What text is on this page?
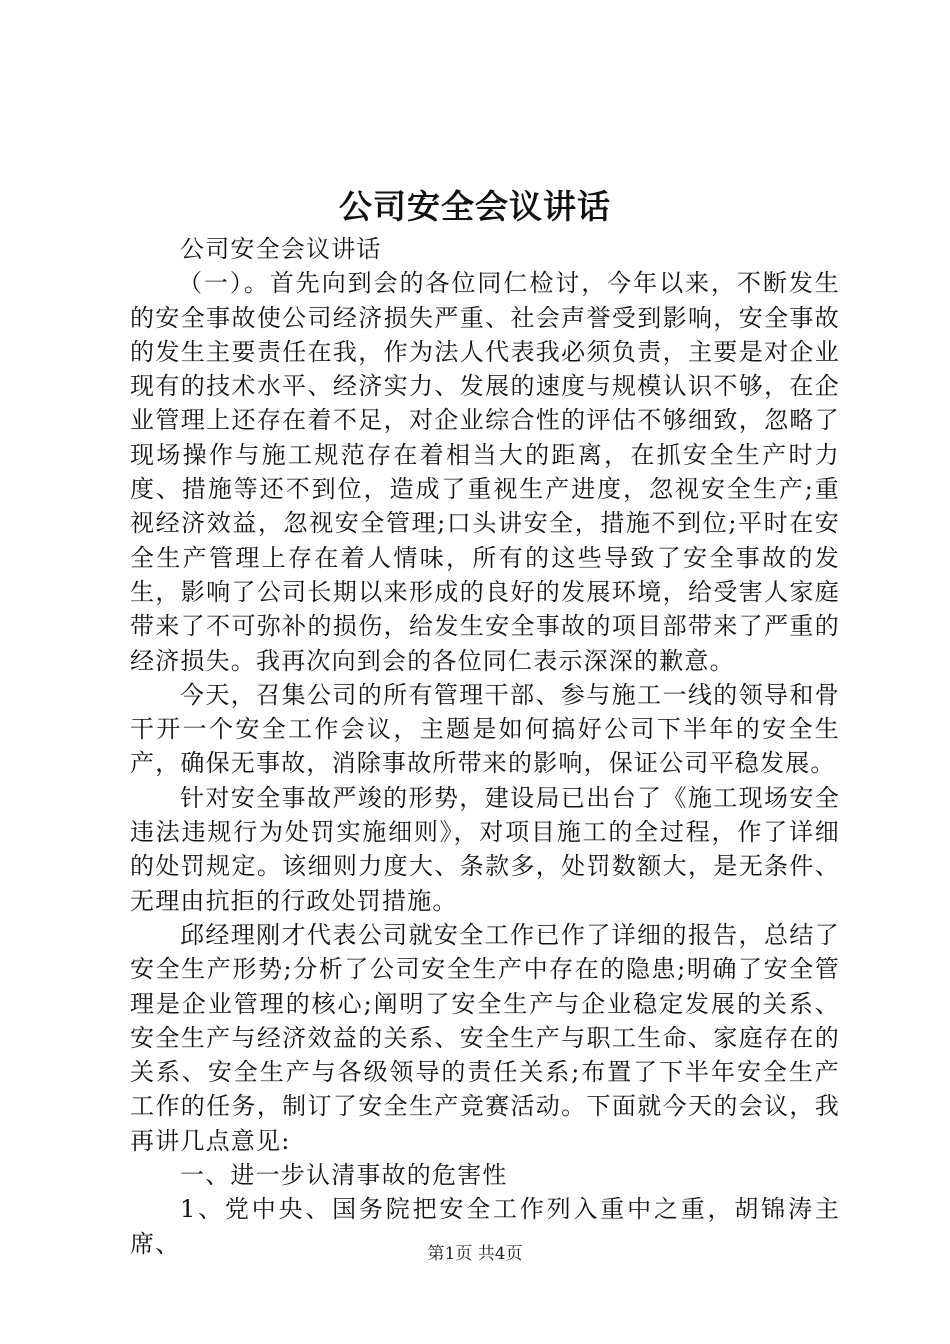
公司安全会议讲话

公司安全会议讲话

（一）。首先向到会的各位同仁检讨，今年以来，不断发生的安全事故使公司经济损失严重、社会声誉受到影响，安全事故的发生主要责任在我，作为法人代表我必须负责，主要是对企业现有的技术水平、经济实力、发展的速度与规模认识不够，在企业管理上还存在着不足，对企业综合性的评估不够细致，忽略了现场操作与施工规范存在着相当大的距离，在抓安全生产时力度、措施等还不到位，造成了重视生产进度，忽视安全生产;重视经济效益，忽视安全管理;口头讲安全，措施不到位;平时在安全生产管理上存在着人情味，所有的这些导致了安全事故的发生，影响了公司长期以来形成的良好的发展环境，给受害人家庭带来了不可弥补的损伤，给发生安全事故的项目部带来了严重的经济损失。我再次向到会的各位同仁表示深深的歉意。

今天，召集公司的所有管理干部、参与施工一线的领导和骨干开一个安全工作会议，主题是如何搞好公司下半年的安全生产，确保无事故，消除事故所带来的影响，保证公司平稳发展。

针对安全事故严竣的形势，建设局已出台了《施工现场安全违法违规行为处罚实施细则》，对项目施工的全过程，作了详细的处罚规定。该细则力度大、条款多，处罚数额大，是无条件、无理由抗拒的行政处罚措施。

邱经理刚才代表公司就安全工作已作了详细的报告，总结了安全生产形势;分析了公司安全生产中存在的隐患;明确了安全管理是企业管理的核心;阐明了安全生产与企业稳定发展的关系、安全生产与经济效益的关系、安全生产与职工生命、家庭存在的关系、安全生产与各级领导的责任关系;布置了下半年安全生产工作的任务，制订了安全生产竞赛活动。下面就今天的会议，我再讲几点意见:

一、进一步认清事故的危害性

1、党中央、国务院把安全工作列入重中之重，胡锦涛主席、	第1页 共4页
